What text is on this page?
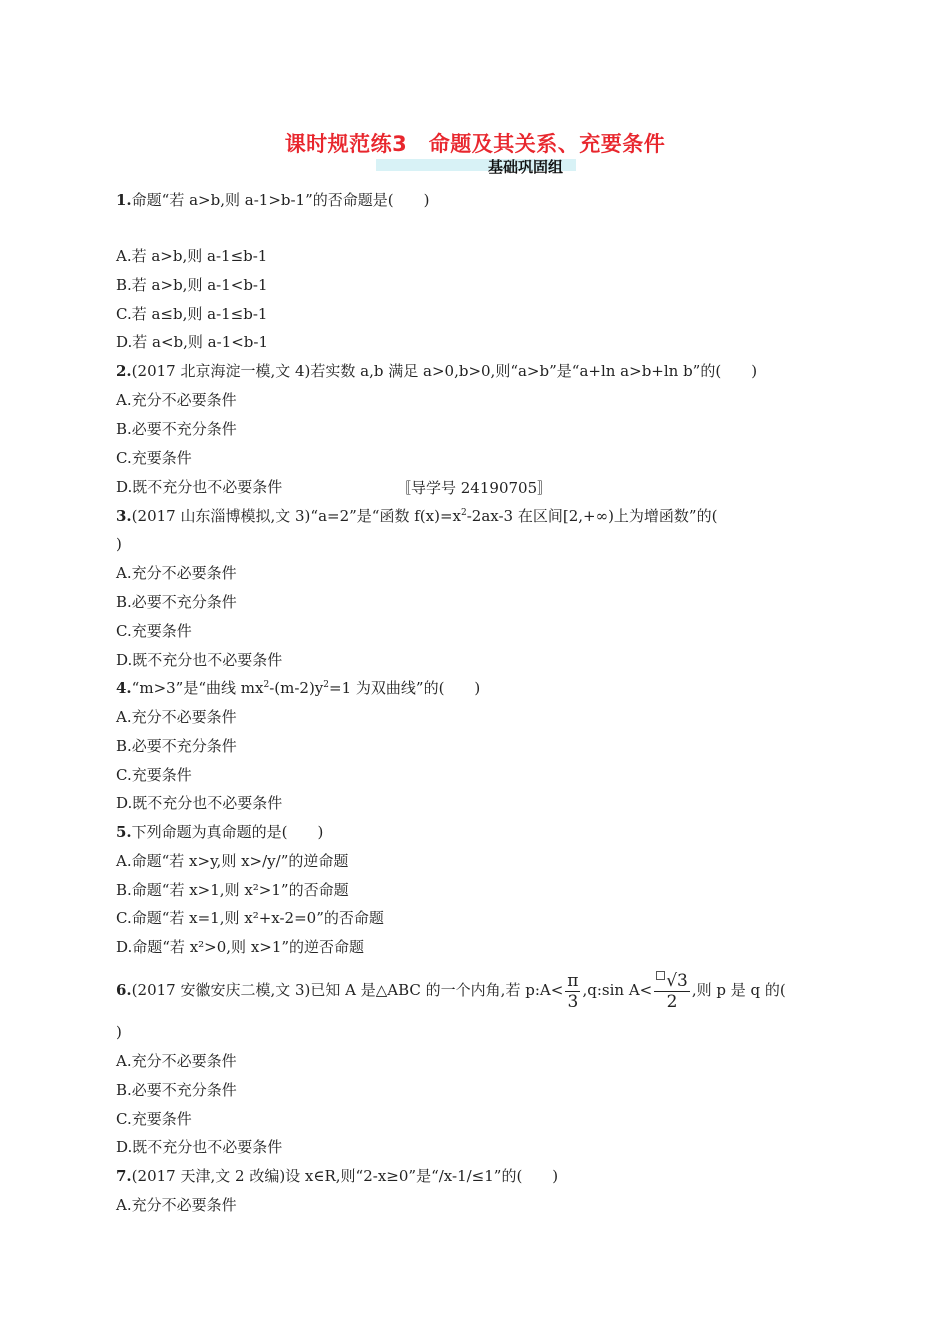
课时规范练3　命题及其关系、充要条件
基础巩固组
1.命题“若 a>b,则 a-1>b-1”的否命题是(　　)
A.若 a>b,则 a-1≤b-1
B.若 a>b,则 a-1<b-1
C.若 a≤b,则 a-1≤b-1
D.若 a<b,则 a-1<b-1
2.(2017 北京海淀一模,文 4)若实数 a,b 满足 a>0,b>0,则“a>b”是“a+ln a>b+ln b”的(　　)
A.充分不必要条件
B.必要不充分条件
C.充要条件
D.既不充分也不必要条件	〚导学号 24190705〛
3.(2017 山东淄博模拟,文 3)“a=2”是“函数 $f(x)=x^2-2ax-3$ 在区间[2,+∞)上为增函数”的(
)
A.充分不必要条件
B.必要不充分条件
C.充要条件
D.既不充分也不必要条件
4.“m>3”是“曲线 $mx^2-(m-2)y^2=1$ 为双曲线”的(　　)
A.充分不必要条件
B.必要不充分条件
C.充要条件
D.既不充分也不必要条件
5.下列命题为真命题的是(　　)
A.命题“若 x>y,则 x>/y/”的逆命题
B.命题“若 x>1,则 x²>1”的否命题
C.命题“若 x=1,则 x²+x-2=0”的否命题
D.命题“若 x²>0,则 x>1”的逆否命题
6.(2017 安徽安庆二模,文 3)已知 A 是△ABC 的一个内角,若 p:A< $\frac{\pi}{3}$ ,q:sin $A< \frac{√3}{2}$ ,则 p 是 q 的(
)
A.充分不必要条件
B.必要不充分条件
C.充要条件
D.既不充分也不必要条件
7.(2017 天津,文 2 改编)设 x∈R,则“2-x≥0”是“/x-1/≤1”的(　　)
A.充分不必要条件
